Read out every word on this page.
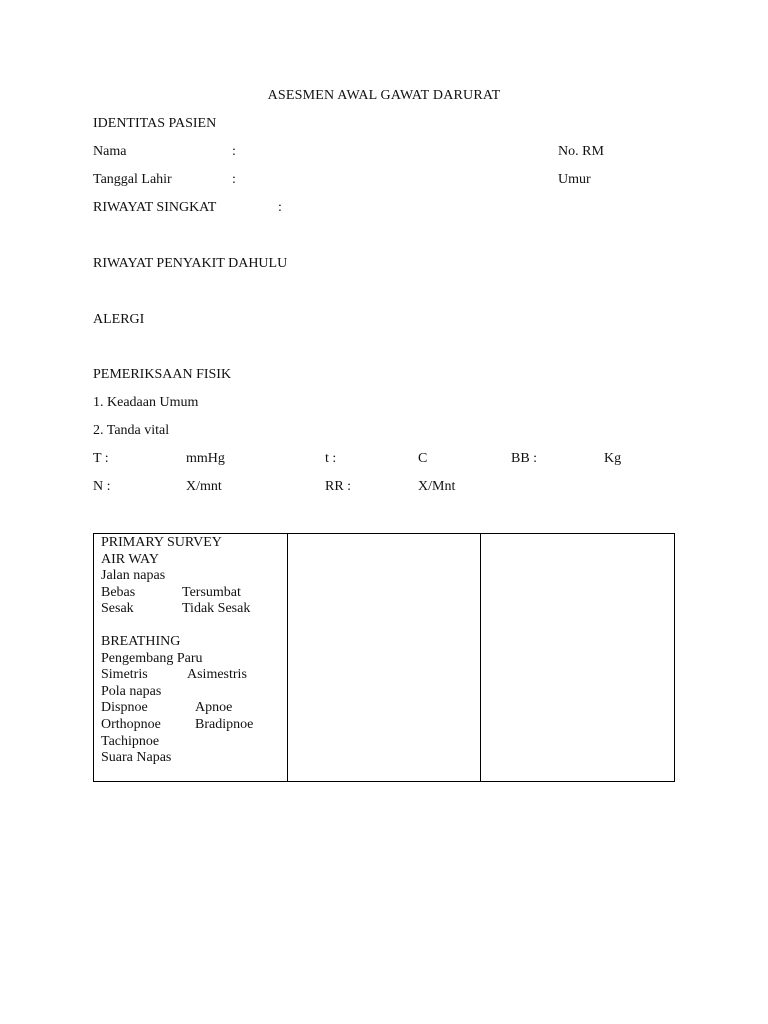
ASESMEN AWAL GAWAT DARURAT
IDENTITAS PASIEN
Nama	:	No. RM
Tanggal Lahir	:	Umur
RIWAYAT SINGKAT	:
RIWAYAT PENYAKIT DAHULU
ALERGI
PEMERIKSAAN FISIK
1. Keadaan Umum
2. Tanda vital
T :	mmHg	t :	C	BB :	Kg
N :	X/mnt	RR :	X/Mnt
PRIMARY SURVEY
AIR WAY
Jalan napas
Bebas	Tersumbat
Sesak	Tidak Sesak
BREATHING
Pengembang Paru
Simetris	Asimestris
Pola napas
Dispnoe	Apnoe
Orthopnoe	Bradipnoe
Tachipnoe
Suara Napas
